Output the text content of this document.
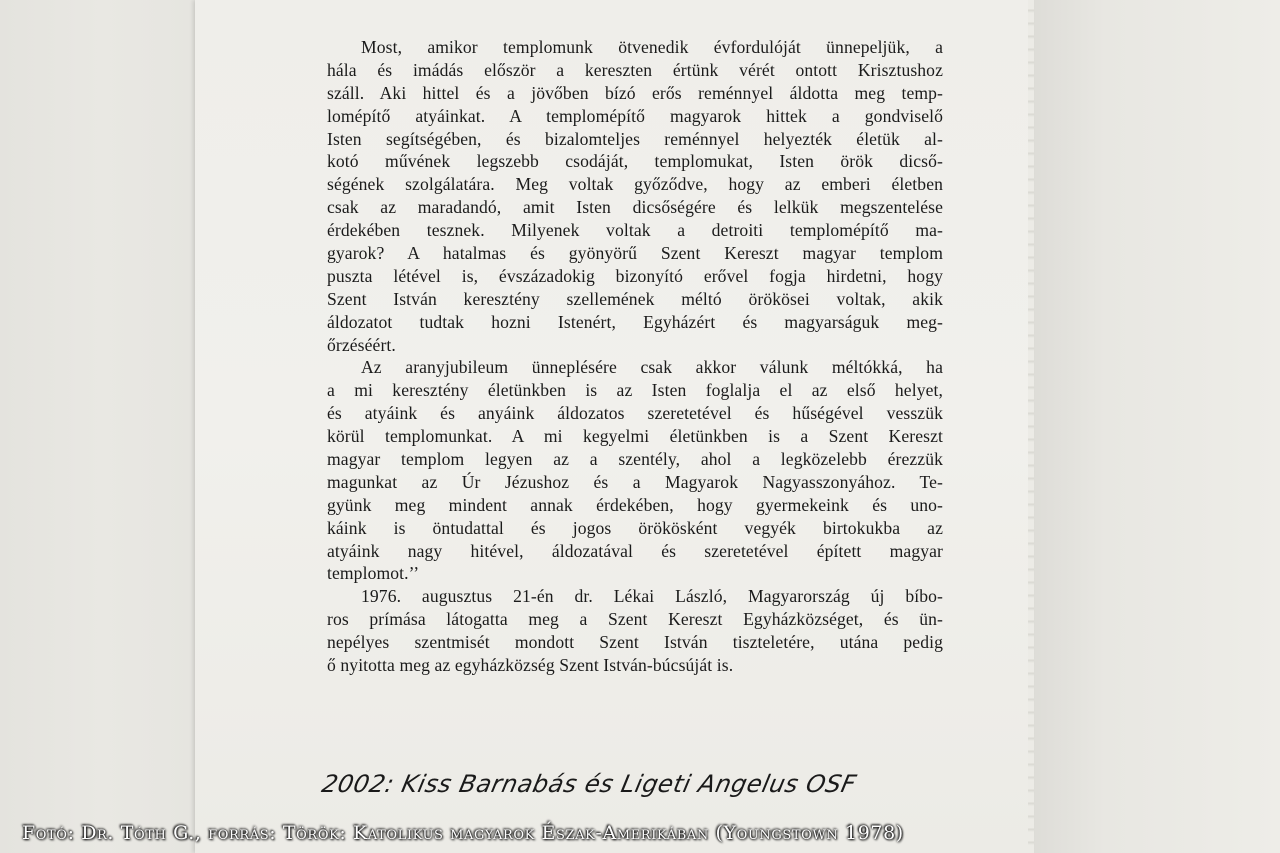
Most, amikor templomunk ötvenedik évfordulóját ünnepeljük, a
hála és imádás először a kereszten értünk vérét ontott Krisztushoz
száll. Aki hittel és a jövőben bízó erős reménnyel áldotta meg temp-
lomépítő atyáinkat. A templomépítő magyarok hittek a gondviselő
Isten segítségében, és bizalomteljes reménnyel helyezték életük al-
kotó művének legszebb csodáját, templomukat, Isten örök dicső-
ségének szolgálatára. Meg voltak győződve, hogy az emberi életben
csak az maradandó, amit Isten dicsőségére és lelkük megszentelése
érdekében tesznek. Milyenek voltak a detroiti templomépítő ma-
gyarok? A hatalmas és gyönyörű Szent Kereszt magyar templom
puszta létével is, évszázadokig bizonyító erővel fogja hirdetni, hogy
Szent István keresztény szellemének méltó örökösei voltak, akik
áldozatot tudtak hozni Istenért, Egyházért és magyarságuk meg-
őrzéséért.
Az aranyjubileum ünneplésére csak akkor válunk méltókká, ha
a mi keresztény életünkben is az Isten foglalja el az első helyet,
és atyáink és anyáink áldozatos szeretetével és hűségével vesszük
körül templomunkat. A mi kegyelmi életünkben is a Szent Kereszt
magyar templom legyen az a szentély, ahol a legközelebb érezzük
magunkat az Úr Jézushoz és a Magyarok Nagyasszonyához. Te-
gyünk meg mindent annak érdekében, hogy gyermekeink és uno-
káink is öntudattal és jogos örökösként vegyék birtokukba az
atyáink nagy hitével, áldozatával és szeretetével épített magyar
templomot.’’
1976. augusztus 21-én dr. Lékai László, Magyarország új bíbo-
ros prímása látogatta meg a Szent Kereszt Egyházközséget, és ün-
nepélyes szentmisét mondott Szent István tiszteletére, utána pedig
ő nyitotta meg az egyházközség Szent István-búcsúját is.
2002: Kiss Barnabás és Ligeti Angelus OSF
Fotó: Dr. Tóth G., forrás: Török: Katolikus magyarok Észak-Amerikában (Youngstown 1978)
